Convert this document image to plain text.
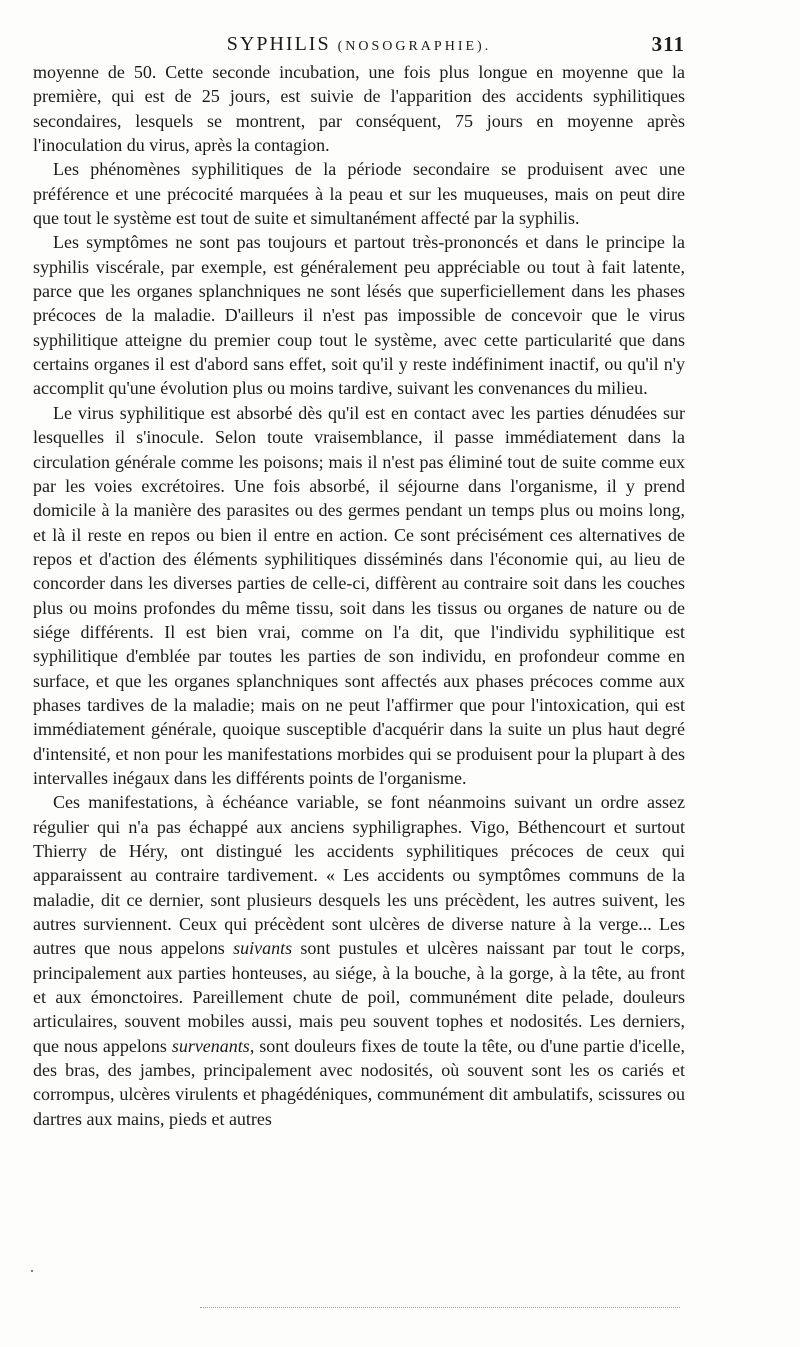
SYPHILIS (NOSOGRAPHIE).	311

moyenne de 50. Cette seconde incubation, une fois plus longue en moyenne que la première, qui est de 25 jours, est suivie de l'apparition des accidents syphilitiques secondaires, lesquels se montrent, par conséquent, 75 jours en moyenne après l'inoculation du virus, après la contagion.

Les phénomènes syphilitiques de la période secondaire se produisent avec une préférence et une précocité marquées à la peau et sur les muqueuses, mais on peut dire que tout le système est tout de suite et simultanément affecté par la syphilis.

Les symptômes ne sont pas toujours et partout très-prononcés et dans le principe la syphilis viscérale, par exemple, est généralement peu appréciable ou tout à fait latente, parce que les organes splanchniques ne sont lésés que superficiellement dans les phases précoces de la maladie. D'ailleurs il n'est pas impossible de concevoir que le virus syphilitique atteigne du premier coup tout le système, avec cette particularité que dans certains organes il est d'abord sans effet, soit qu'il y reste indéfiniment inactif, ou qu'il n'y accomplit qu'une évolution plus ou moins tardive, suivant les convenances du milieu.

Le virus syphilitique est absorbé dès qu'il est en contact avec les parties dénudées sur lesquelles il s'inocule. Selon toute vraisemblance, il passe immédiatement dans la circulation générale comme les poisons; mais il n'est pas éliminé tout de suite comme eux par les voies excrétoires. Une fois absorbé, il séjourne dans l'organisme, il y prend domicile à la manière des parasites ou des germes pendant un temps plus ou moins long, et là il reste en repos ou bien il entre en action. Ce sont précisément ces alternatives de repos et d'action des éléments syphilitiques disséminés dans l'économie qui, au lieu de concorder dans les diverses parties de celle-ci, diffèrent au contraire soit dans les couches plus ou moins profondes du même tissu, soit dans les tissus ou organes de nature ou de siége différents. Il est bien vrai, comme on l'a dit, que l'individu syphilitique est syphilitique d'emblée par toutes les parties de son individu, en profondeur comme en surface, et que les organes splanchniques sont affectés aux phases précoces comme aux phases tardives de la maladie; mais on ne peut l'affirmer que pour l'intoxication, qui est immédiatement générale, quoique susceptible d'acquérir dans la suite un plus haut degré d'intensité, et non pour les manifestations morbides qui se produisent pour la plupart à des intervalles inégaux dans les différents points de l'organisme.

Ces manifestations, à échéance variable, se font néanmoins suivant un ordre assez régulier qui n'a pas échappé aux anciens syphiligraphes. Vigo, Béthencourt et surtout Thierry de Héry, ont distingué les accidents syphilitiques précoces de ceux qui apparaissent au contraire tardivement. « Les accidents ou symptômes communs de la maladie, dit ce dernier, sont plusieurs desquels les uns précèdent, les autres suivent, les autres surviennent. Ceux qui précèdent sont ulcères de diverse nature à la verge... Les autres que nous appelons suivants sont pustules et ulcères naissant par tout le corps, principalement aux parties honteuses, au siége, à la bouche, à la gorge, à la tête, au front et aux émonctoires. Pareillement chute de poil, communément dite pelade, douleurs articulaires, souvent mobiles aussi, mais peu souvent tophes et nodosités. Les derniers, que nous appelons survenants, sont douleurs fixes de toute la tête, ou d'une partie d'icelle, des bras, des jambes, principalement avec nodosités, où souvent sont les os cariés et corrompus, ulcères virulents et phagédéniques, communément dit ambulatifs, scissures ou dartres aux mains, pieds et autres
